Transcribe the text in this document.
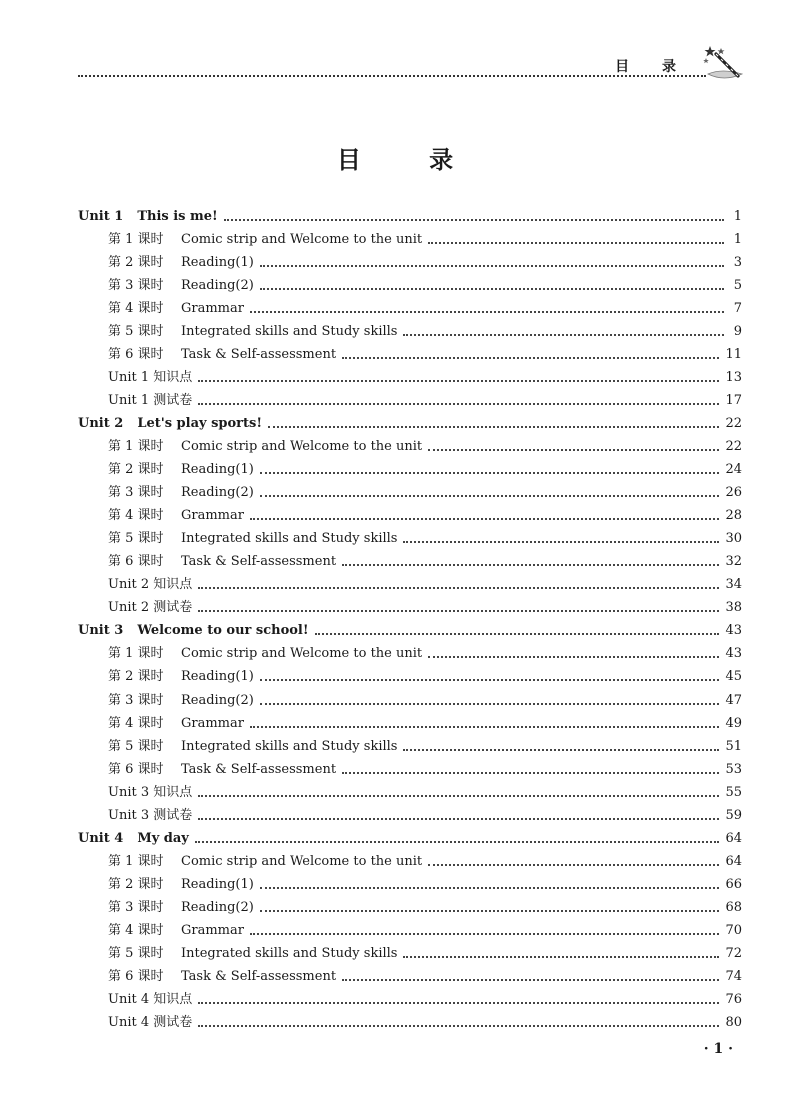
目 录
目 录
Unit 1	This is me!	1
第 1 课时	Comic strip and Welcome to the unit	1
第 2 课时	Reading(1)	3
第 3 课时	Reading(2)	5
第 4 课时	Grammar	7
第 5 课时	Integrated skills and Study skills	9
第 6 课时	Task & Self-assessment	11
Unit 1 知识点	13
Unit 1 测试卷	17
Unit 2	Let's play sports!	22
第 1 课时	Comic strip and Welcome to the unit	22
第 2 课时	Reading(1)	24
第 3 课时	Reading(2)	26
第 4 课时	Grammar	28
第 5 课时	Integrated skills and Study skills	30
第 6 课时	Task & Self-assessment	32
Unit 2 知识点	34
Unit 2 测试卷	38
Unit 3	Welcome to our school!	43
第 1 课时	Comic strip and Welcome to the unit	43
第 2 课时	Reading(1)	45
第 3 课时	Reading(2)	47
第 4 课时	Grammar	49
第 5 课时	Integrated skills and Study skills	51
第 6 课时	Task & Self-assessment	53
Unit 3 知识点	55
Unit 3 测试卷	59
Unit 4	My day	64
第 1 课时	Comic strip and Welcome to the unit	64
第 2 课时	Reading(1)	66
第 3 课时	Reading(2)	68
第 4 课时	Grammar	70
第 5 课时	Integrated skills and Study skills	72
第 6 课时	Task & Self-assessment	74
Unit 4 知识点	76
Unit 4 测试卷	80
· 1 ·
